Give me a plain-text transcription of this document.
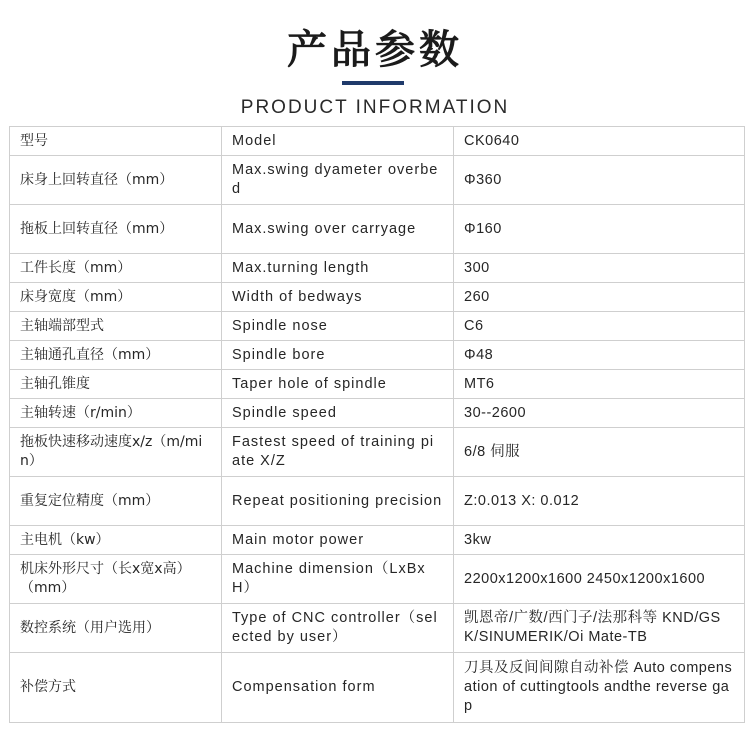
产品参数
PRODUCT INFORMATION
型号	Model	CK0640
床身上回转直径（mm）	Max.swing dyameter overbed	Φ360
拖板上回转直径（mm）	Max.swing over carryage	Φ160
工件长度（mm）	Max.turning length	300
床身宽度（mm）	Width of bedways	260
主轴端部型式	Spindle nose	C6
主轴通孔直径（mm）	Spindle bore	Φ48
主轴孔锥度	Taper hole of spindle	MT6
主轴转速（r/min）	Spindle speed	30--2600
拖板快速移动速度x/z（m/min）	Fastest speed of training piate X/Z	6/8 伺服
重复定位精度（mm）	Repeat positioning precision	Z:0.013 X: 0.012
主电机（kw）	Main motor power	3kw
机床外形尺寸（长x宽x高）（mm）	Machine dimension（LxBxH）	2200x1200x1600 2450x1200x1600
数控系统（用户选用）	Type of CNC controller（selected by user）	凯恩帝/广数/西门子/法那科等 KND/GSK/SINUMERIK/Oi Mate-TB
补偿方式	Compensation form	刀具及反间间隙自动补偿 Auto compensation of cuttingtools andthe reverse gap
